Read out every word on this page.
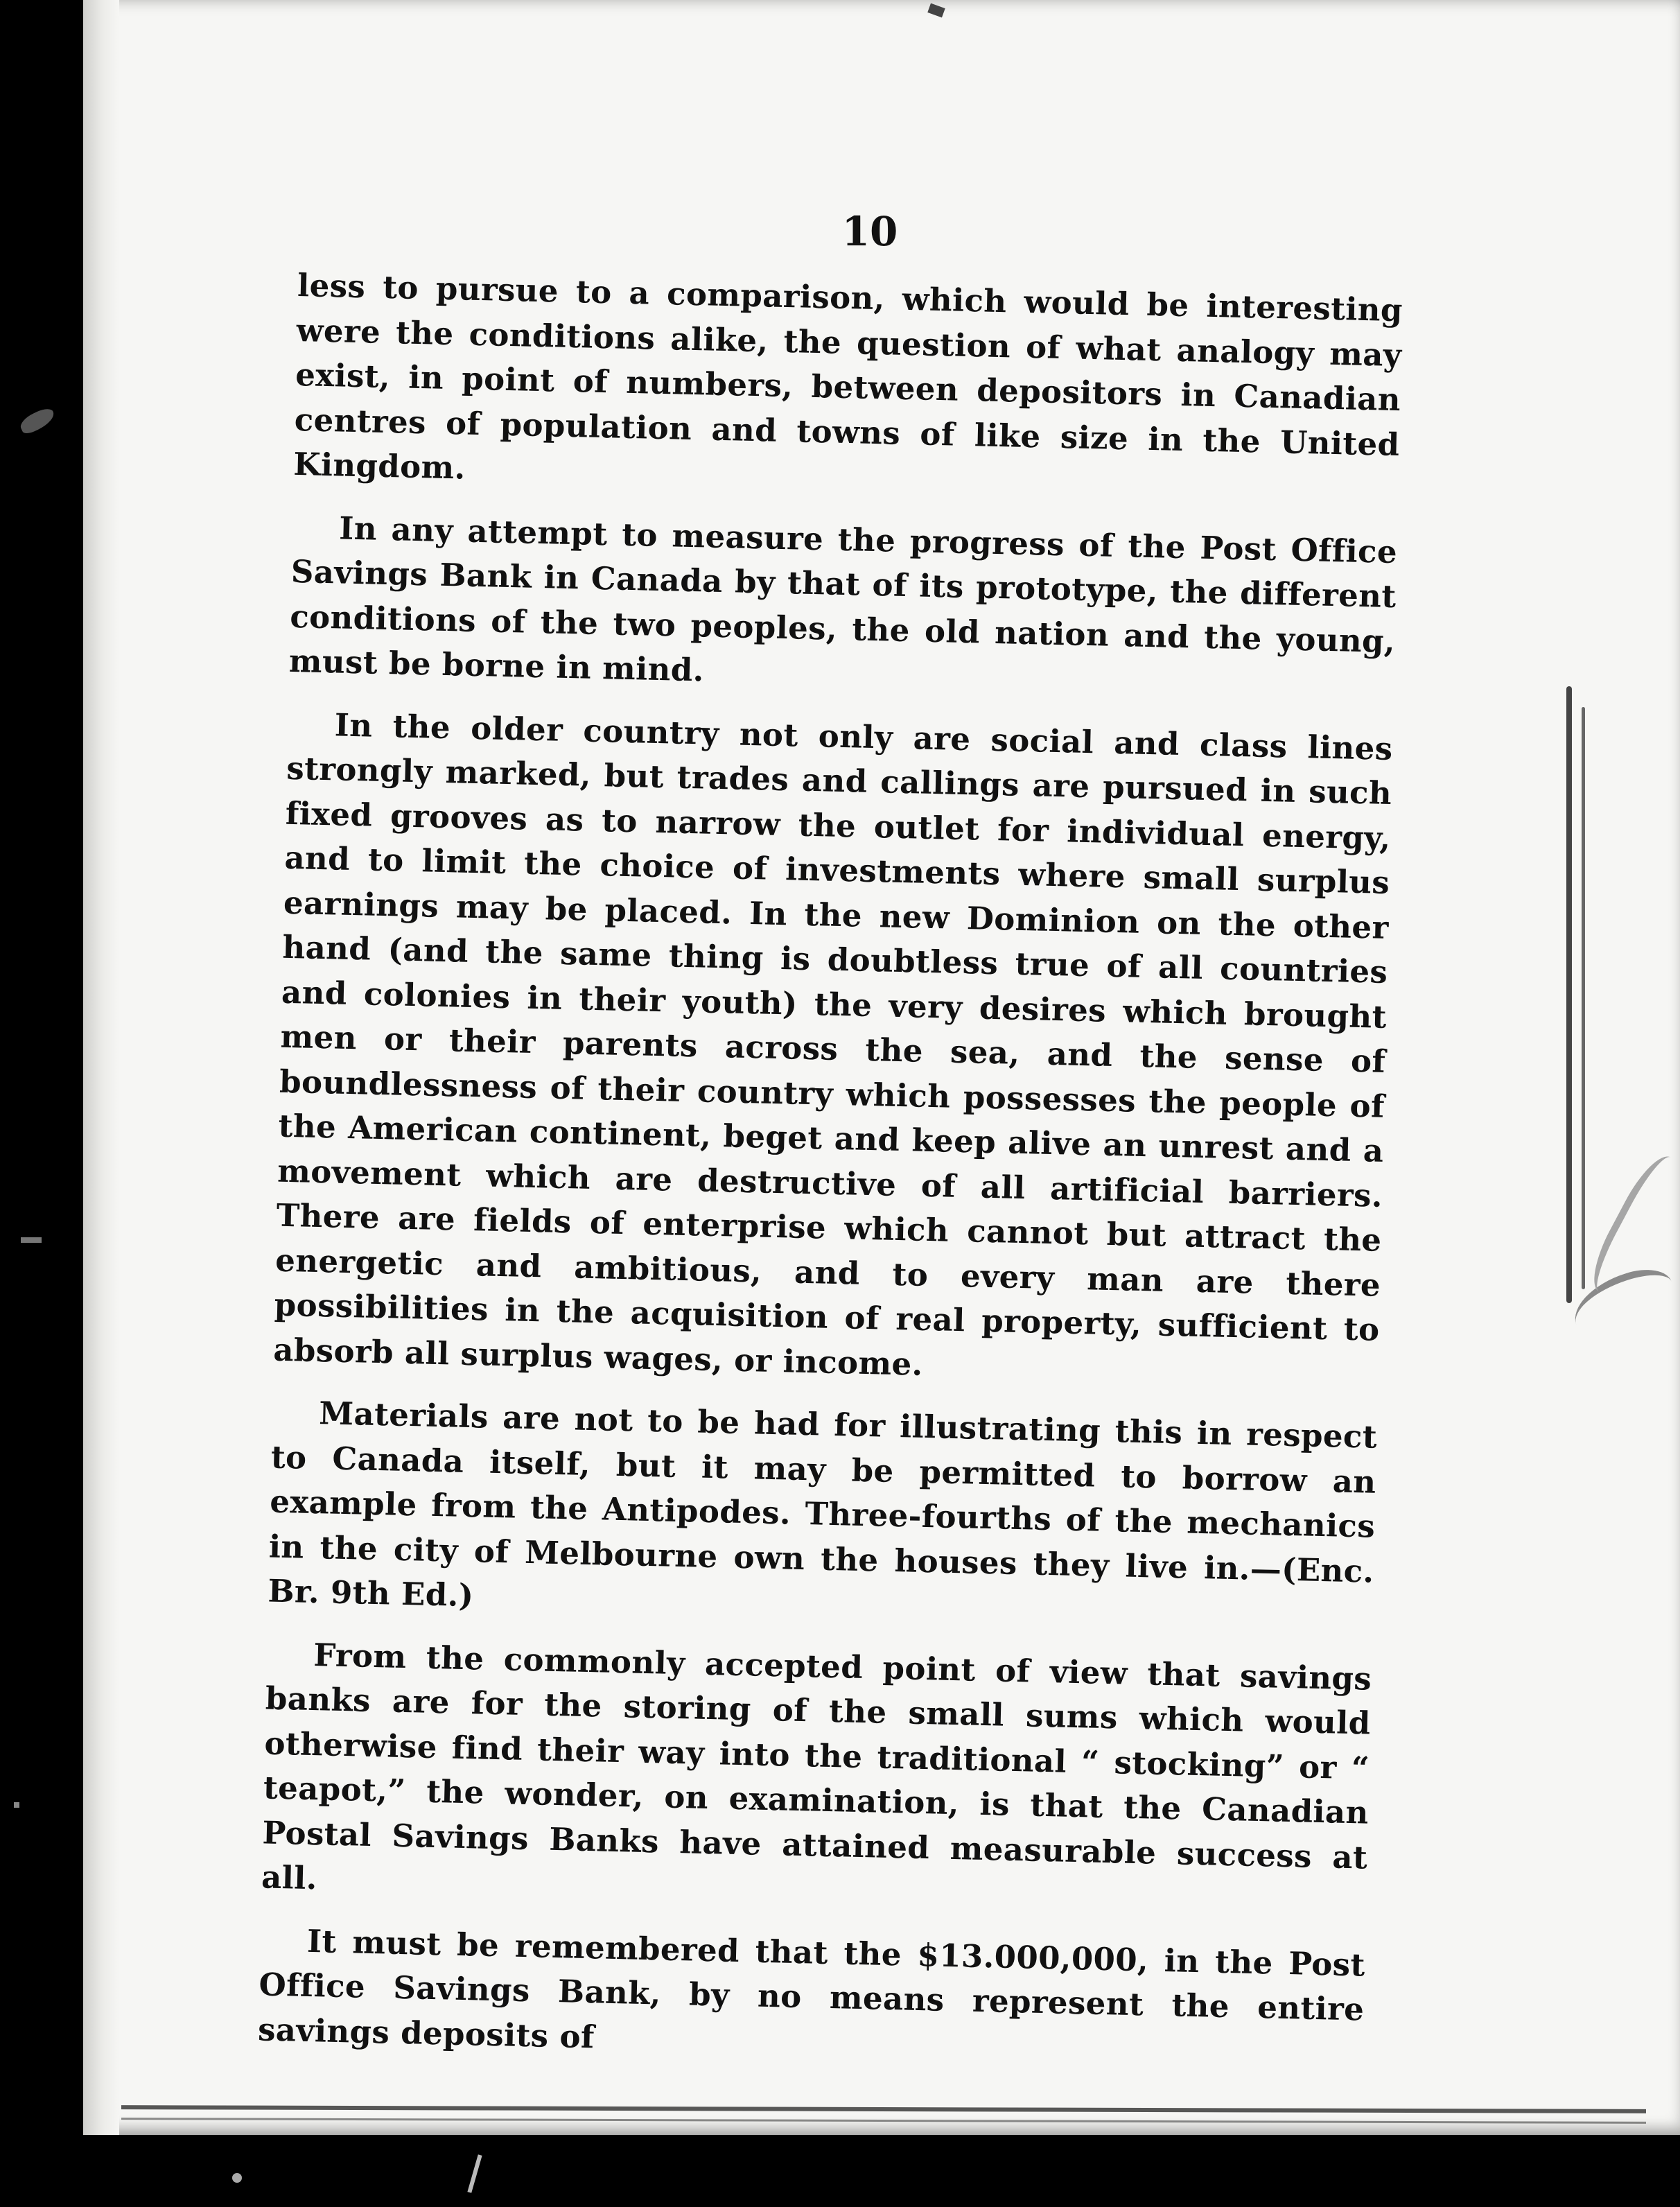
10

less to pursue to a comparison, which would be interesting were the conditions alike, the question of what analogy may exist, in point of numbers, between depositors in Canadian centres of population and towns of like size in the United Kingdom.

In any attempt to measure the progress of the Post Office Savings Bank in Canada by that of its prototype, the different conditions of the two peoples, the old nation and the young, must be borne in mind.

In the older country not only are social and class lines strongly marked, but trades and callings are pursued in such fixed grooves as to narrow the outlet for individual energy, and to limit the choice of investments where small surplus earnings may be placed. In the new Dominion on the other hand (and the same thing is doubtless true of all countries and colonies in their youth) the very desires which brought men or their parents across the sea, and the sense of boundlessness of their country which possesses the people of the American continent, beget and keep alive an unrest and a movement which are destructive of all artificial barriers. There are fields of enterprise which cannot but attract the energetic and ambitious, and to every man are there possibilities in the acquisition of real property, sufficient to absorb all surplus wages, or income.

Materials are not to be had for illustrating this in respect to Canada itself, but it may be permitted to borrow an example from the Antipodes. Three-fourths of the mechanics in the city of Melbourne own the houses they live in.—(Enc. Br. 9th Ed.)

From the commonly accepted point of view that savings banks are for the storing of the small sums which would otherwise find their way into the traditional “ stocking” or “ teapot,” the wonder, on examination, is that the Canadian Postal Savings Banks have attained measurable success at all.

It must be remembered that the $13.000,000, in the Post Office Savings Bank, by no means represent the entire savings deposits of
